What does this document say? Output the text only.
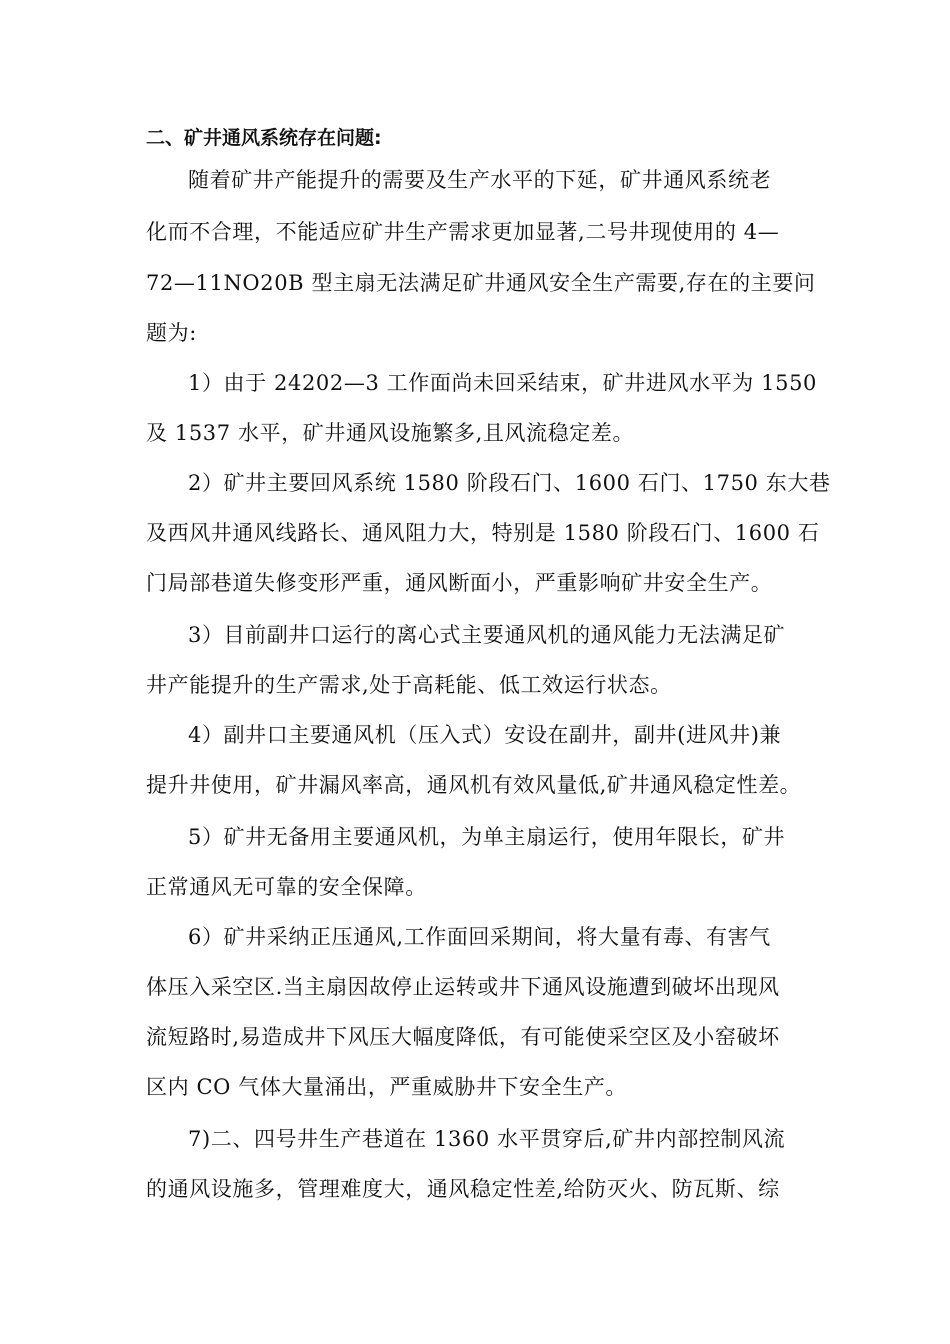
二、矿井通风系统存在问题:
随着矿井产能提升的需要及生产水平的下延，矿井通风系统老
化而不合理，不能适应矿井生产需求更加显著,二号井现使用的 4—
72—11NO20B 型主扇无法满足矿井通风安全生产需要,存在的主要问
题为:
1）由于 24202—3 工作面尚未回采结束，矿井进风水平为 1550
及 1537 水平，矿井通风设施繁多,且风流稳定差。
2）矿井主要回风系统 1580 阶段石门、1600 石门、1750 东大巷
及西风井通风线路长、通风阻力大，特别是 1580 阶段石门、1600 石
门局部巷道失修变形严重，通风断面小，严重影响矿井安全生产。
3）目前副井口运行的离心式主要通风机的通风能力无法满足矿
井产能提升的生产需求,处于高耗能、低工效运行状态。
4）副井口主要通风机（压入式）安设在副井，副井(进风井)兼
提升井使用，矿井漏风率高，通风机有效风量低,矿井通风稳定性差。
5）矿井无备用主要通风机，为单主扇运行，使用年限长，矿井
正常通风无可靠的安全保障。
6）矿井采纳正压通风,工作面回采期间，将大量有毒、有害气
体压入采空区.当主扇因故停止运转或井下通风设施遭到破坏出现风
流短路时,易造成井下风压大幅度降低，有可能使采空区及小窑破坏
区内 CO 气体大量涌出，严重威胁井下安全生产。
7)二、四号井生产巷道在 1360 水平贯穿后,矿井内部控制风流
的通风设施多，管理难度大，通风稳定性差,给防灭火、防瓦斯、综
